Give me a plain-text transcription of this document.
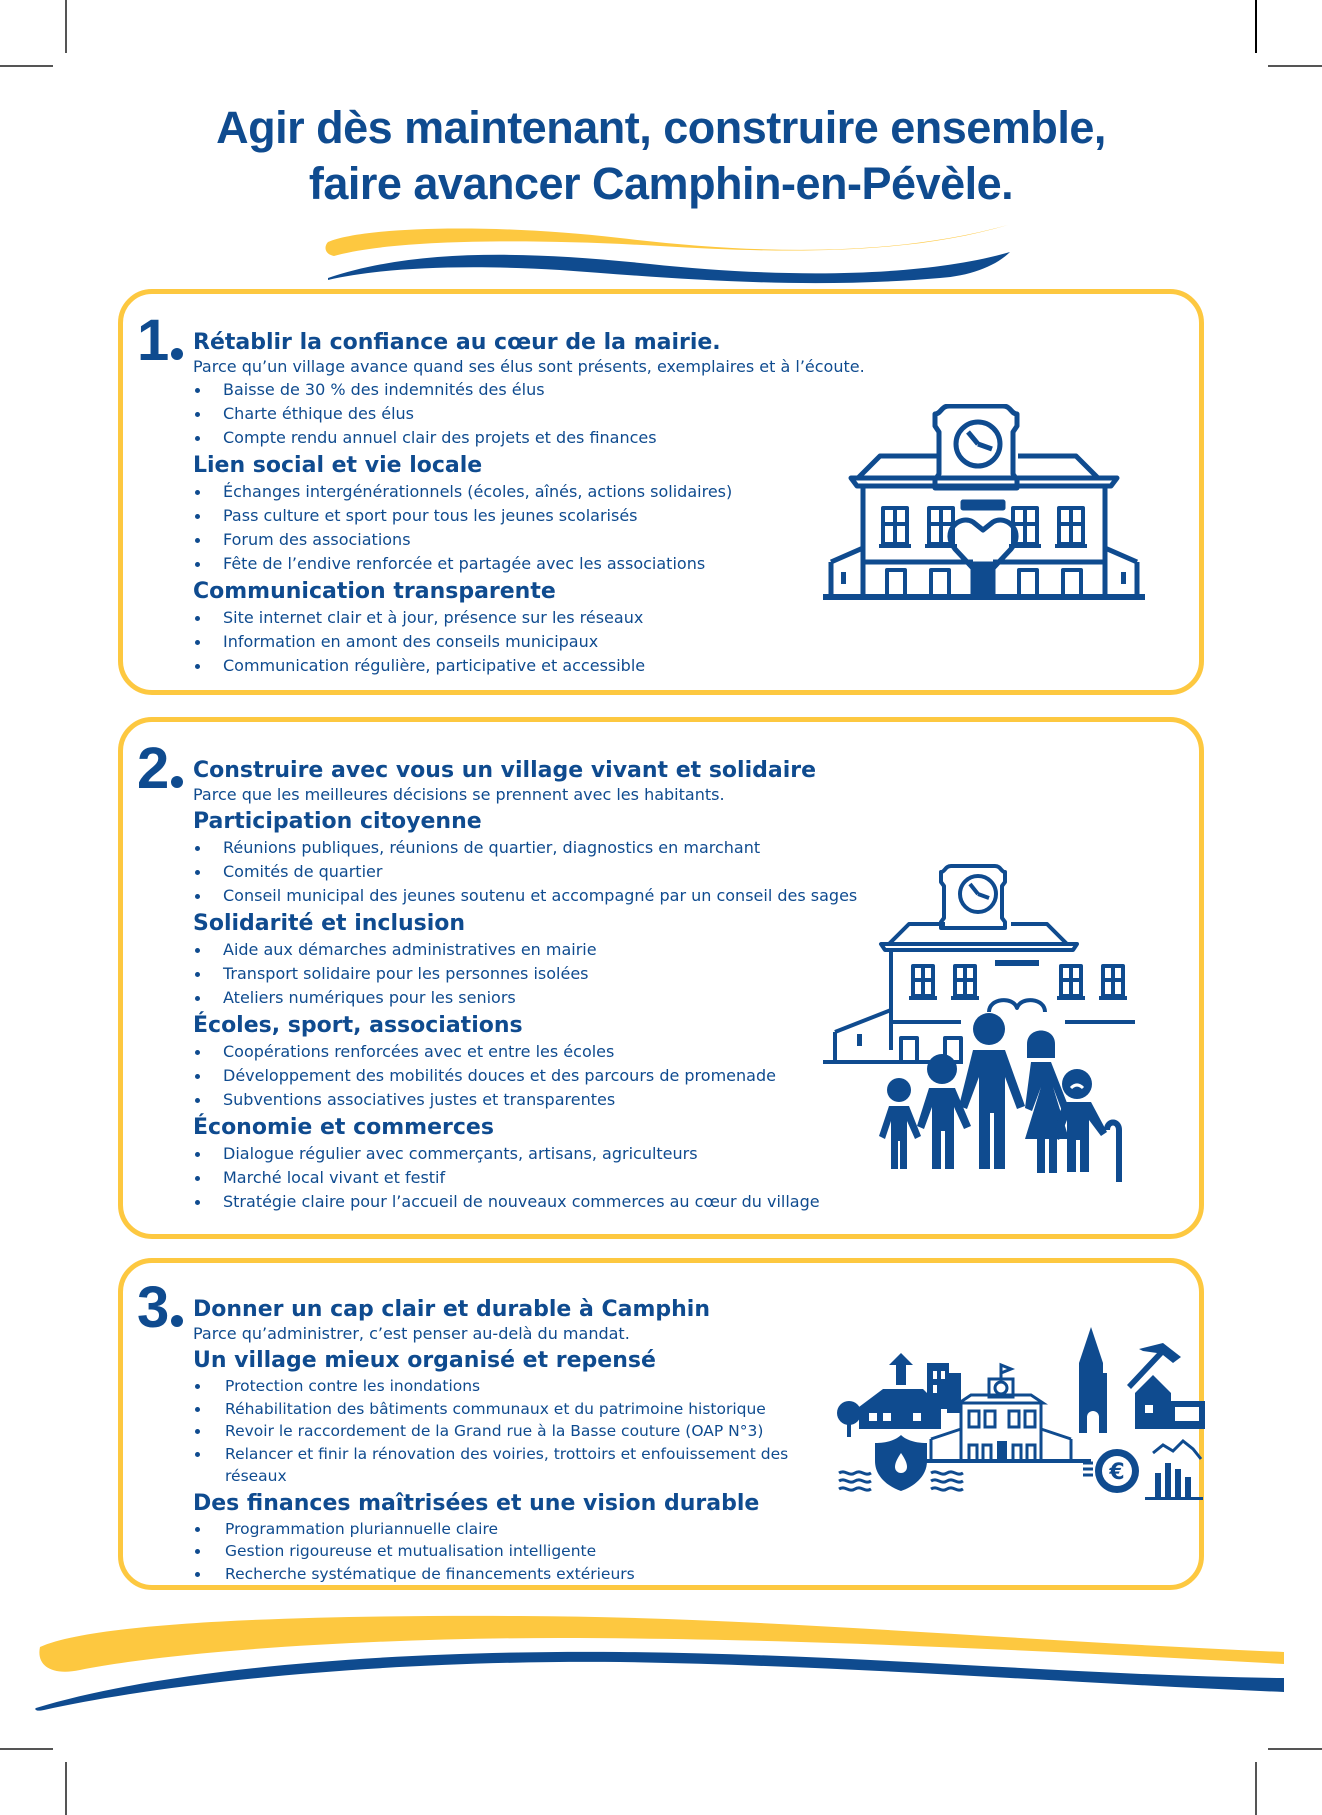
Agir dès maintenant, construire ensemble,
faire avancer Camphin-en-Pévèle.
1	Rétablir la confiance au cœur de la mairie.
Parce qu’un village avance quand ses élus sont présents, exemplaires et à l’écoute.
Baisse de 30 % des indemnités des élus
Charte éthique des élus
Compte rendu annuel clair des projets et des finances
Lien social et vie locale
Échanges intergénérationnels (écoles, aînés, actions solidaires)
Pass culture et sport pour tous les jeunes scolarisés
Forum des associations
Fête de l’endive renforcée et partagée avec les associations
Communication transparente
Site internet clair et à jour, présence sur les réseaux
Information en amont des conseils municipaux
Communication régulière, participative et accessible
2	Construire avec vous un village vivant et solidaire
Parce que les meilleures décisions se prennent avec les habitants.
Participation citoyenne
Réunions publiques, réunions de quartier, diagnostics en marchant
Comités de quartier
Conseil municipal des jeunes soutenu et accompagné par un conseil des sages
Solidarité et inclusion
Aide aux démarches administratives en mairie
Transport solidaire pour les personnes isolées
Ateliers numériques pour les seniors
Écoles, sport, associations
Coopérations renforcées avec et entre les écoles
Développement des mobilités douces et des parcours de promenade
Subventions associatives justes et transparentes
Économie et commerces
Dialogue régulier avec commerçants, artisans, agriculteurs
Marché local vivant et festif
Stratégie claire pour l’accueil de nouveaux commerces au cœur du village
3	Donner un cap clair et durable à Camphin
Parce qu’administrer, c’est penser au-delà du mandat.
Un village mieux organisé et repensé
Protection contre les inondations
Réhabilitation des bâtiments communaux et du patrimoine historique
Revoir le raccordement de la Grand rue à la Basse couture (OAP N°3)
Relancer et finir la rénovation des voiries, trottoirs et enfouissement des réseaux
Des finances maîtrisées et une vision durable
Programmation pluriannuelle claire
Gestion rigoureuse et mutualisation intelligente
Recherche systématique de financements extérieurs
€
